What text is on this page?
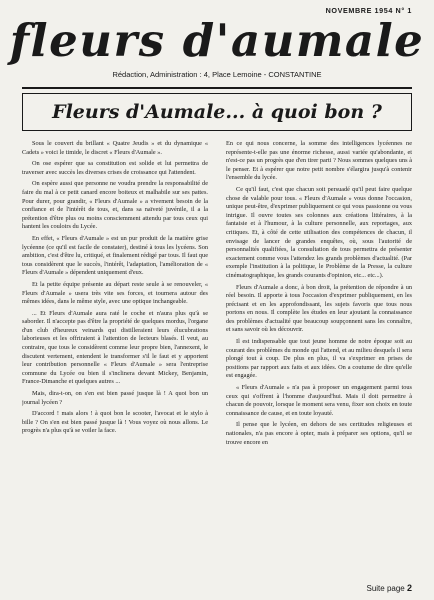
NOVEMBRE 1954 N° 1

fleurs d'aumale

Rédaction, Administration : 4, Place Lemoine - CONSTANTINE

Fleurs d'Aumale... à quoi bon ?

Sous le couvert du brillant « Quatre Jeudis » et du dynamique « Cadets » voici le timide, le discret « Fleurs d'Aumale ».

On ose espérer que sa constitution est solide et lui permettra de traverser avec succès les diverses crises de croissance qui l'attendent.

On espère aussi que personne ne voudra prendre la responsabilité de faire du mal à ce petit canard encore boiteux et malhabile sur ses pattes. Pour durer, pour grandir, « Fleurs d'Aumale » a vivement besoin de la confiance et de l'intérêt de tous, et, dans sa naïveté juvénile, il a la prétention d'être plus ou moins consciemment attendu par tous ceux qui hantent les couloirs du Lycée.

En effet, « Fleurs d'Aumale » est un pur produit de la matière grise lycéenne (ce qu'il est facile de constater), destiné à tous les lycéens. Son ambition, c'est d'être lu, critiqué, et finalement rédigé par tous. Il faut que tous considèrent que le succès, l'intérêt, l'adaptation, l'amélioration de « Fleurs d'Aumale » dépendent uniquement d'eux.

Et la petite équipe présente au départ reste seule à se renouveler, « Fleurs d'Aumale » usera très vite ses forces, et tournera autour des mêmes idées, dans le même style, avec une optique inchangeable.

... Et Fleurs d'Aumale aura raté le coche et n'aura plus qu'à se saborder. Il n'accepte pas d'être la propriété de quelques mordus, l'organe d'un club d'heureux veinards qui distilleraient leurs élucubrations laborieuses et les offriraient à l'attention de lecteurs blasés. Il veut, au contraire, que tous le considèrent comme leur propre bien, l'annexent, le discutent vertement, entendent le transformer s'il le faut et y apportent leur contribution personnelle « Fleurs d'Aumale » sera l'entreprise commune du Lycée ou bien il s'inclinera devant Mickey, Benjamin, France-Dimanche et quelques autres ...

Mais, dira-t-on, on s'en est bien passé jusque là ! A quoi bon un journal lycéen ?

D'accord ! mais alors ! à quoi bon le scooter, l'avocat et le stylo à bille ? On s'en est bien passé jusque là ! Vous voyez où nous allons. Le progrès n'a plus qu'à se voiler la face.

En ce qui nous concerne, la somme des intelligences lycéennes ne représente-t-elle pas une énorme richesse, aussi variée qu'abondante, et n'est-ce pas un progrès que d'en tirer parti ? Nous sommes quelques uns à le penser. Et à espérer que notre petit nombre s'élargira jusqu'à contenir l'ensemble du lycée.

Ce qu'il faut, c'est que chacun soit persuadé qu'il peut faire quelque chose de valable pour tous. « Fleurs d'Aumale » vous donne l'occasion, unique peut-être, d'exprimer publiquement ce qui vous passionne ou vous intrigue. Il ouvre toutes ses colonnes aux créations littéraires, à la fantaisie et à l'humour, à la culture personnelle, aux reportages, aux critiques. Et, à côté de cette utilisation des compétences de chacun, il envisage de lancer de grandes enquêtes, où, sous l'autorité de personnalités qualifiées, la consultation de tous permettra de présenter exactement comme vous l'attendez les grands problèmes d'actualité. (Par exemple l'institution à la politique, le Problème de la Presse, la culture cinématographique, les grands courants d'opinion, etc... etc...).

Fleurs d'Aumale a donc, à bon droit, la prétention de répondre à un réel besoin. Il apporte à tous l'occasion d'exprimer publiquement, en les précisant et en les approfondissant, les sujets favoris que tous nous portons en nous. Il complète les études en leur ajoutant la connaissance des problèmes d'actualité que beaucoup soupçonnent sans les connaître, et sans savoir où les découvrir.

Il est indispensable que tout jeune homme de notre époque soit au courant des problèmes du monde qui l'attend, et au milieu desquels il sera plongé tout à coup. De plus en plus, il va s'exprimer en prises de positions par rapport aux faits et aux idées. On a coutume de dire qu'elle est engagée.

« Fleurs d'Aumale » n'a pas à proposer un engagement parmi tous ceux qui s'offrent à l'homme d'aujourd'hui. Mais il doit permettre à chacun de pouvoir, lorsque le moment sera venu, fixer son choix en toute connaissance de cause, et en toute loyauté.

Il pense que le lycéen, en dehors de ses certitudes religieuses et nationales, n'a pas encore à opter, mais à préparer ses options, qu'il se trouve encore en

Suite page 2
